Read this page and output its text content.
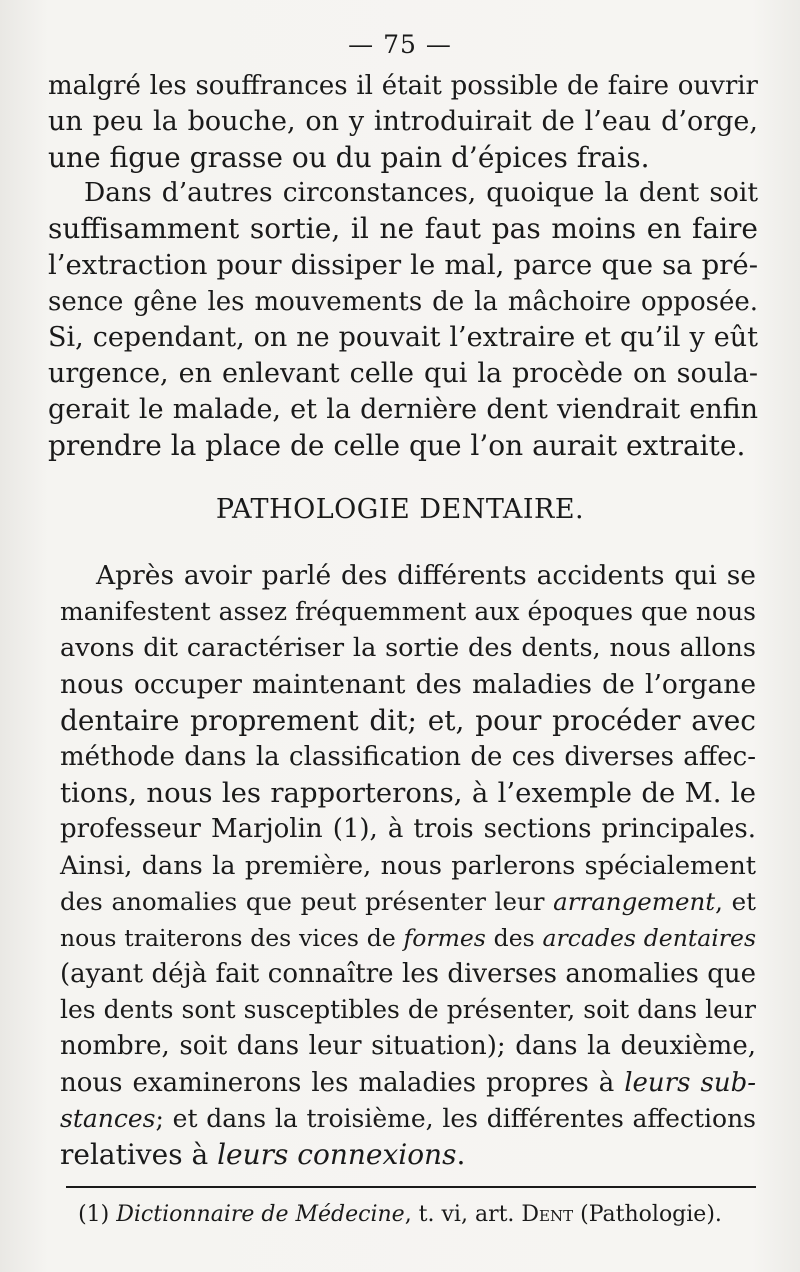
— 75 —
malgré les souffrances il était possible de faire ouvrir
un peu la bouche, on y introduirait de l’eau d’orge,
une figue grasse ou du pain d’épices frais.
Dans d’autres circonstances, quoique la dent soit
suffisamment sortie, il ne faut pas moins en faire
l’extraction pour dissiper le mal, parce que sa pré-
sence gêne les mouvements de la mâchoire opposée.
Si, cependant, on ne pouvait l’extraire et qu’il y eût
urgence, en enlevant celle qui la procède on soula-
gerait le malade, et la dernière dent viendrait enfin
prendre la place de celle que l’on aurait extraite.
PATHOLOGIE DENTAIRE.
Après avoir parlé des différents accidents qui se
manifestent assez fréquemment aux époques que nous
avons dit caractériser la sortie des dents, nous allons
nous occuper maintenant des maladies de l’organe
dentaire proprement dit; et, pour procéder avec
méthode dans la classification de ces diverses affec-
tions, nous les rapporterons, à l’exemple de M. le
professeur Marjolin (1), à trois sections principales.
Ainsi, dans la première, nous parlerons spécialement
des anomalies que peut présenter leur arrangement, et
nous traiterons des vices de formes des arcades dentaires
(ayant déjà fait connaître les diverses anomalies que
les dents sont susceptibles de présenter, soit dans leur
nombre, soit dans leur situation); dans la deuxième,
nous examinerons les maladies propres à leurs sub-
stances; et dans la troisième, les différentes affections
relatives à leurs connexions.
(1) Dictionnaire de Médecine, t. vi, art. Dent (Pathologie).
